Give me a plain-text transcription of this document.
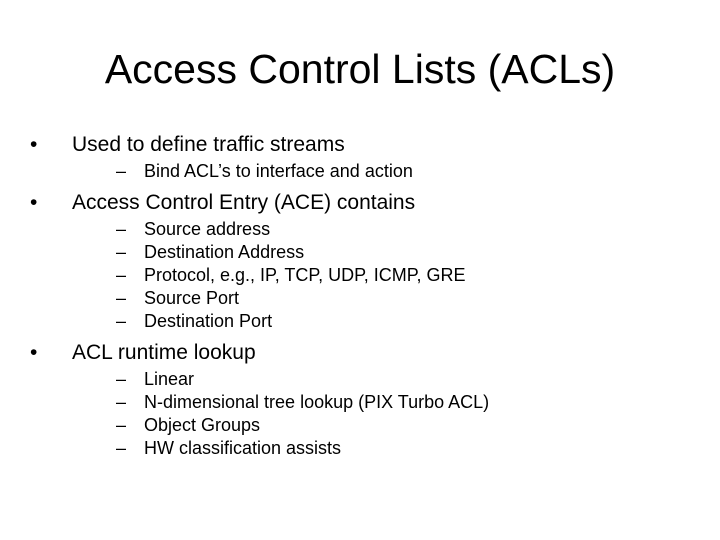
Access Control Lists (ACLs)
•	Used to define traffic streams
– Bind ACL’s to interface and action
•	Access Control Entry (ACE) contains
– Source address
– Destination Address
– Protocol, e.g., IP, TCP, UDP, ICMP, GRE
– Source Port
– Destination Port
•	ACL runtime lookup
– Linear
– N-dimensional tree lookup (PIX Turbo ACL)
– Object Groups
– HW classification assists
